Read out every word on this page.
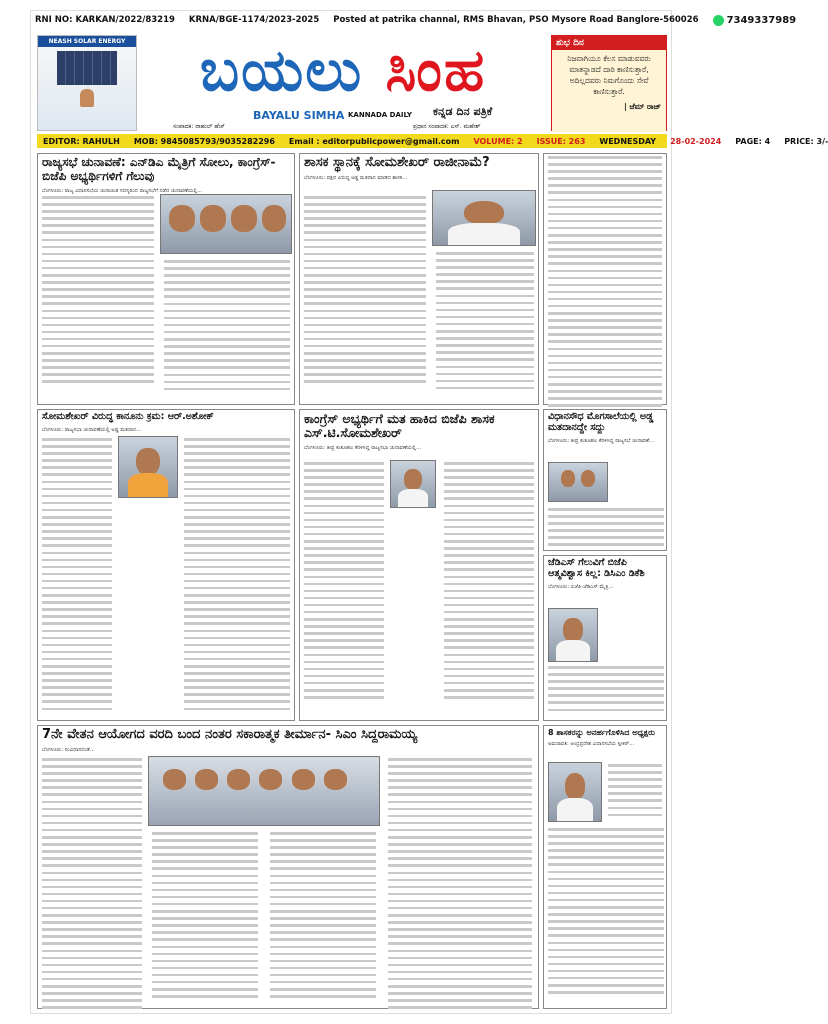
RNI NO: KARKAN/2022/83219 KRNA/BGE-1174/2023-2025 Posted at patrika channal, RMS Bhavan, PSO Mysore Road Banglore-560026	7349337989
NEASH SOLAR ENERGY ಬಯಲು
ಸಿಂಹ
BAYALU SIMHA KANNADA DAILY ಕನ್ನಡ ದಿನ ಪತ್ರಿಕೆ
ಸಂಪಾದಕ: ರಾಹುಲ್ ಹೆಚ್	ಪ್ರಧಾನ ಸಂಪಾದಕ: ಎಸ್. ಮಹೇಶ್
ಶುಭ ದಿನ
ನಿಜವಾಗಿಯೂ ಕೆಲಸ ಮಾಡುವವರು ಮಾತನ್ನಾಡದೆ ದಾರಿ ಕಾಣಿಸುತ್ತಾರೆ, ಅದಿಲ್ಲದವರು ನಿಮಗೊಂದು ಸೇವೆ ಕಾಣಿಸುತ್ತಾರೆ.
| ಜೆಮ್ ರಾಜ್
EDITOR: RAHULH MOB: 9845085793/9035282296 Email : editorpublicpower@gmail.com VOLUME: 2 ISSUE: 263 WEDNESDAY 28-02-2024 PAGE: 4 PRICE: 3/-
ರಾಜ್ಯಸಭೆ ಚುನಾವಣೆ: ಎನ್‌ಡಿಎ ಮೈತ್ರಿಗೆ ಸೋಲು, ಕಾಂಗ್ರೆಸ್- ಬಿಜೆಪಿ ಅಭ್ಯರ್ಥಿಗಳಿಗೆ ಗೆಲುವು
ಬೆಂಗಳೂರು: ರಾಜ್ಯ ವಿಧಾನಸಭೆಯ ಚುನಾಯಿತ ಸದಸ್ಯರಿಂದ ರಾಜ್ಯಸಭೆಗೆ ನಡೆದ ಚುನಾವಣೆಯಲ್ಲಿ...
ಶಾಸಕ ಸ್ಥಾನಕ್ಕೆ ಸೋಮಶೇಖರ್ ರಾಜೀನಾಮೆ?
ಬೆಂಗಳೂರು: ಪಕ್ಷದ ವಿರುದ್ಧ ಅಡ್ಡ ಮತದಾನ ಮಾಡಿದ ಶಾಸಕ...
ಸೋಮಶೇಖರ್ ವಿರುದ್ಧ ಕಾನೂನು ಕ್ರಮ: ಆರ್.ಅಶೋಕ್
ಬೆಂಗಳೂರು: ರಾಜ್ಯಸಭಾ ಚುನಾವಣೆಯಲ್ಲಿ ಅಡ್ಡ ಮತದಾನ...
ಕಾಂಗ್ರೆಸ್ ಅಭ್ಯರ್ಥಿಗೆ ಮತ ಹಾಕಿದ ಬಿಜೆಪಿ ಶಾಸಕ ಎಸ್.ಟಿ.ಸೋಮಶೇಖರ್
ಬೆಂಗಳೂರು: ತೀವ್ರ ಕುತೂಹಲ ಕೆರಳಿಸಿದ್ದ ರಾಜ್ಯಸಭಾ ಚುನಾವಣೆಯಲ್ಲಿ...
ವಿಧಾನಸೌಧ ಮೊಗಸಾಲೆಯಲ್ಲಿ ಅಡ್ಡ ಮತದಾನದ್ದೇ ಸದ್ದು
ಬೆಂಗಳೂರು: ತೀವ್ರ ಕುತೂಹಲ ಕೆರಳಿಸಿದ್ದ ರಾಜ್ಯಸಭೆ ಚುನಾವಣೆ...
ಜೆಡಿಎಸ್ ಗೆಲುವಿಗೆ ಬಿಜೆಪಿ ಆತ್ಮವಿಶ್ವಾಸ ಕಿಲ್ಲ: ಡಿಸಿಎಂ ಡಿಕೆಶಿ
ಬೆಂಗಳೂರು: ಬಿಜೆಪಿ-ಜೆಡಿಎಸ್ ಮೈತ್ರಿ...
7ನೇ ವೇತನ ಆಯೋಗದ ವರದಿ ಬಂದ ನಂತರ ಸಕಾರಾತ್ಮಕ ತೀರ್ಮಾನ- ಸಿಎಂ ಸಿದ್ದರಾಮಯ್ಯ
ಬೆಂಗಳೂರು: ಸಂವಿಧಾನದಂತೆ...
8 ಶಾಸಕರನ್ನು ಅನರ್ಹಗೊಳಿಸಿದ ಅಧ್ಯಕ್ಷರು
ಅಮರಾವತಿ: ಆಂಧ್ರಪ್ರದೇಶ ವಿಧಾನಸಭೆಯ ಸ್ಪೀಕರ್...
